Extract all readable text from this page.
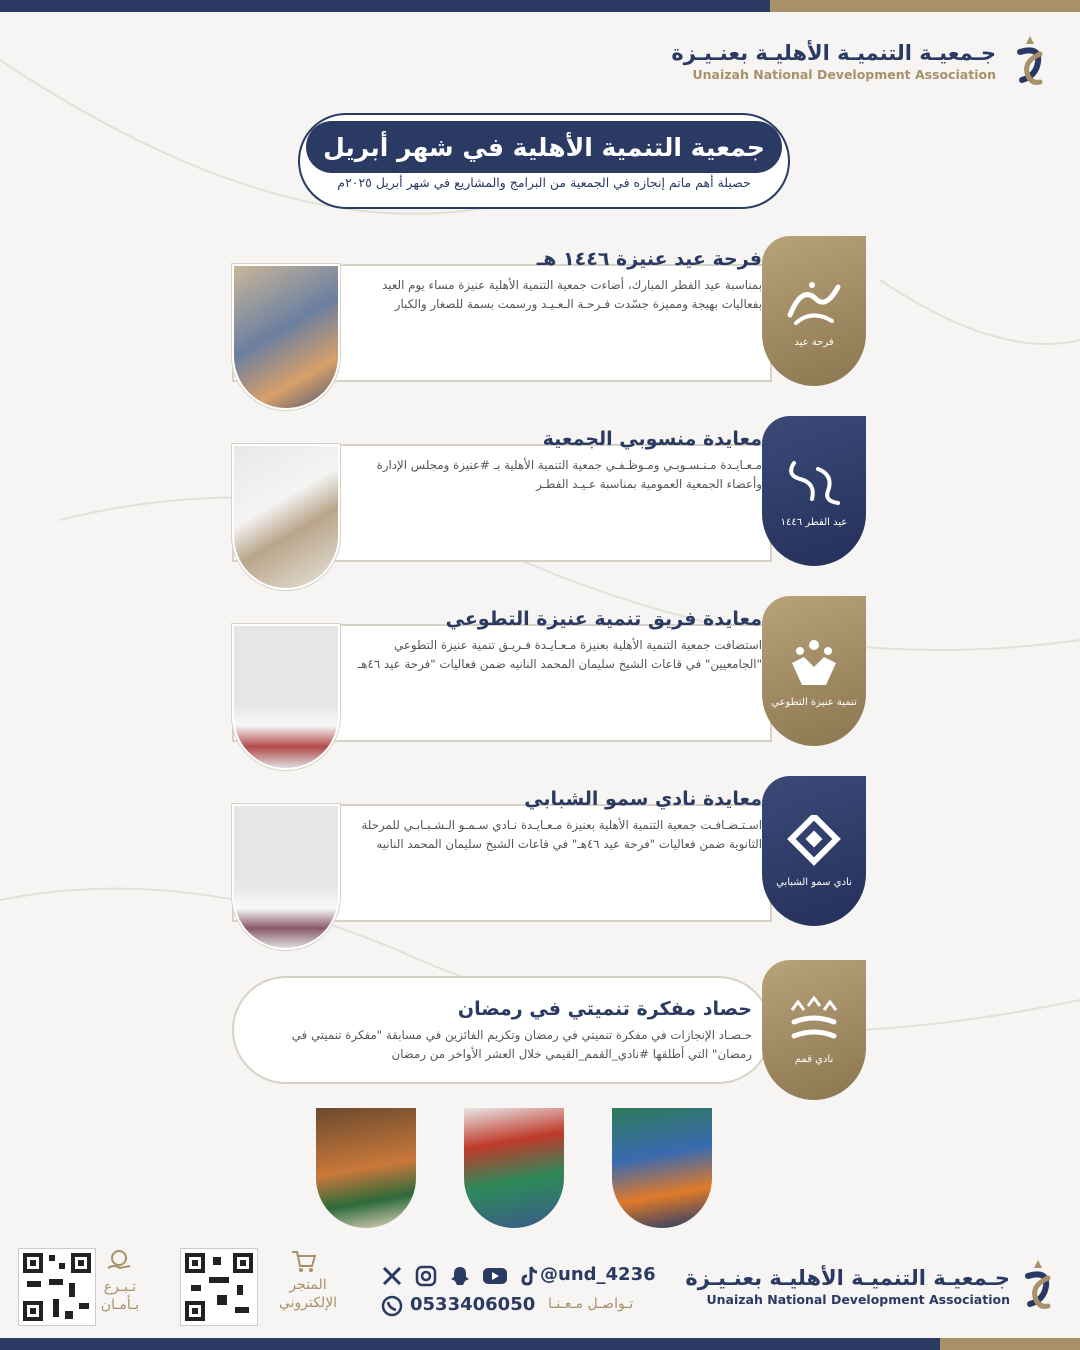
جـمعيـة التنميـة الأهليـة بعنـيـزة
Unaizah National Development Association
جمعية التنمية الأهلية في شهر أبريل
حصيلة أهم ماتم إنجازه في الجمعية من البرامج والمشاريع في شهر أبريل ٢٠٢٥م
فرحة عيد عنيزة ١٤٤٦ هـ

بمناسبة عيد الفطر المبارك، أضاءت جمعية التنمية الأهلية عنيزة مساء يوم العيد بفعاليات بهيجة ومميزة جسّدت فـرحـة الـعـيـد ورسمت بسمة للصغار والكبار

فرحة عيد
معايدة منسوبي الجمعية

مـعـايـدة مـنـسـوبـي ومـوظـفـي جمعية التنمية الأهلية بـ #عنيزة ومجلس الإدارة وأعضاء الجمعية العمومية بمناسبة عـيـد الفطـر

عيد الفطر ١٤٤٦
معايدة فريق تنمية عنيزة التطوعي

استضافت جمعية التنمية الأهلية بعنيزة مـعـايـدة فـريـق تنمية عنيزة التطوعي "الجامعيين" في قاعات الشيخ سليمان المحمد النانيه ضمن فعاليات "فرحة عيد ٤٦هـ

تنمية عنيزة التطوعي
معايدة نادي سمو الشبابي

اسـتـضـافـت جمعية التنمية الأهلية بعنيزة مـعـايـدة نـادي سـمـو الـشـبـابـي للمرحلة الثانوية ضمن فعاليات "فرحة عيد ٤٦هـ" في قاعات الشيخ سليمان المحمد النانيه

نادي سمو الشبابي
حصاد مفكرة تنميتي في رمضان

حـصـاد الإنجازات في مفكرة تنميتي في رمضان وتكريم الفائزين في مسابقة "مفكرة تنميتي في رمضان" التي أطلقها #نادي_القمم_القيمي خلال العشر الأواخر من رمضان	نادي قمم
تـبـرع بـأمـان
المتجر الإلكتروني
@und_4236
0533406050 تـواصـل مـعـنـا
جـمعيـة التنميـة الأهليـة بعنـيـزة
Unaizah National Development Association
